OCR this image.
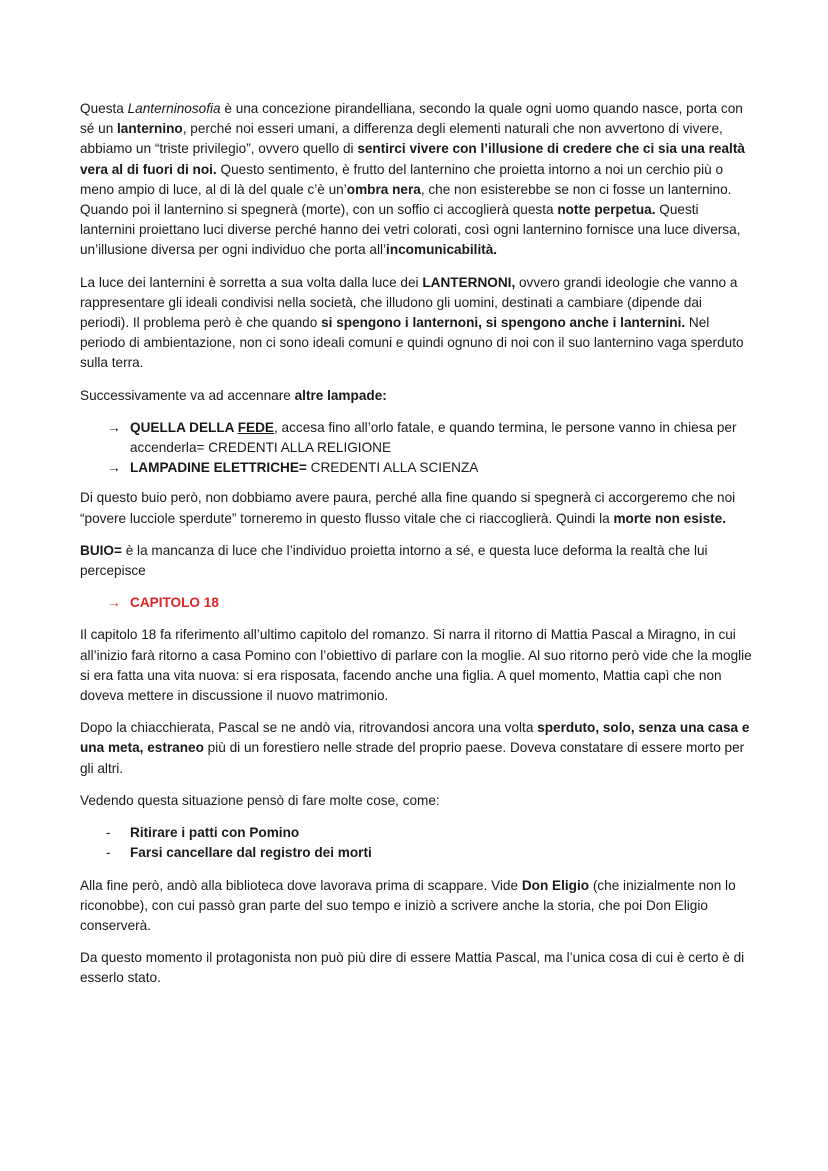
Questa Lanterninosofia è una concezione pirandelliana, secondo la quale ogni uomo quando nasce, porta con sé un lanternino, perché noi esseri umani, a differenza degli elementi naturali che non avvertono di vivere, abbiamo un “triste privilegio”, ovvero quello di sentirci vivere con l’illusione di credere che ci sia una realtà vera al di fuori di noi. Questo sentimento, è frutto del lanternino che proietta intorno a noi un cerchio più o meno ampio di luce, al di là del quale c’è un’ombra nera, che non esisterebbe se non ci fosse un lanternino. Quando poi il lanternino si spegnerà (morte), con un soffio ci accoglierà questa notte perpetua. Questi lanternini proiettano luci diverse perché hanno dei vetri colorati, così ogni lanternino fornisce una luce diversa, un’illusione diversa per ogni individuo che porta all’incomunicabilità.

La luce dei lanternini è sorretta a sua volta dalla luce dei LANTERNONI, ovvero grandi ideologie che vanno a rappresentare gli ideali condivisi nella società, che illudono gli uomini, destinati a cambiare (dipende dai periodi). Il problema però è che quando si spengono i lanternoni, si spengono anche i lanternini. Nel periodo di ambientazione, non ci sono ideali comuni e quindi ognuno di noi con il suo lanternino vaga sperduto sulla terra.

Successivamente va ad accennare altre lampade:

→ QUELLA DELLA FEDE, accesa fino all’orlo fatale, e quando termina, le persone vanno in chiesa per accenderla= CREDENTI ALLA RELIGIONE
→ LAMPADINE ELETTRICHE= CREDENTI ALLA SCIENZA

Di questo buio però, non dobbiamo avere paura, perché alla fine quando si spegnerà ci accorgeremo che noi “povere lucciole sperdute” torneremo in questo flusso vitale che ci riaccoglierà. Quindi la morte non esiste.

BUIO= è la mancanza di luce che l’individuo proietta intorno a sé, e questa luce deforma la realtà che lui percepisce

→ CAPITOLO 18

Il capitolo 18 fa riferimento all’ultimo capitolo del romanzo. Si narra il ritorno di Mattia Pascal a Miragno, in cui all’inizio farà ritorno a casa Pomino con l’obiettivo di parlare con la moglie. Al suo ritorno però vide che la moglie si era fatta una vita nuova: si era risposata, facendo anche una figlia. A quel momento, Mattia capì che non doveva mettere in discussione il nuovo matrimonio.

Dopo la chiacchierata, Pascal se ne andò via, ritrovandosi ancora una volta sperduto, solo, senza una casa e una meta, estraneo più di un forestiero nelle strade del proprio paese. Doveva constatare di essere morto per gli altri.

Vedendo questa situazione pensò di fare molte cose, come:

- Ritirare i patti con Pomino
- Farsi cancellare dal registro dei morti

Alla fine però, andò alla biblioteca dove lavorava prima di scappare. Vide Don Eligio (che inizialmente non lo riconobbe), con cui passò gran parte del suo tempo e iniziò a scrivere anche la storia, che poi Don Eligio conserverà.

Da questo momento il protagonista non può più dire di essere Mattia Pascal, ma l’unica cosa di cui è certo è di esserlo stato.
